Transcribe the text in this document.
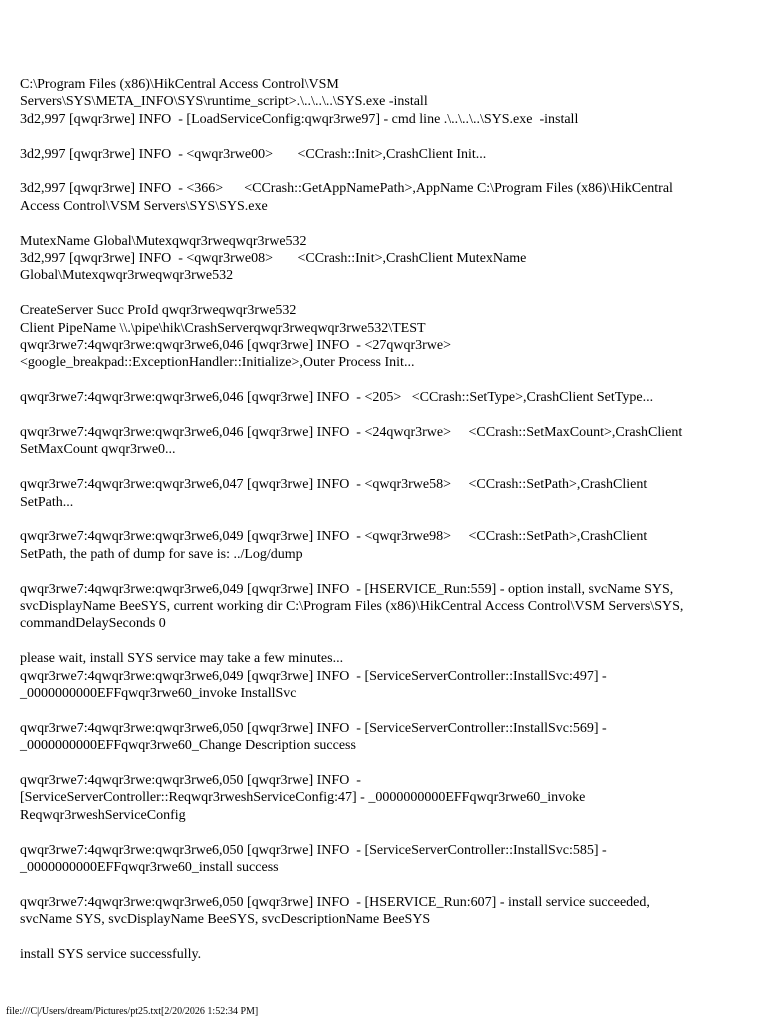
C:\Program Files (x86)\HikCentral Access Control\VSM
Servers\SYS\META_INFO\SYS\runtime_script>.\..\..\..\SYS.exe -install
3d2,997 [qwqr3rwe] INFO  - [LoadServiceConfig:qwqr3rwe97] - cmd line .\..\..\..\SYS.exe  -install
3d2,997 [qwqr3rwe] INFO  - <qwqr3rwe00>       <CCrash::Init>,CrashClient Init...
3d2,997 [qwqr3rwe] INFO  - <366>      <CCrash::GetAppNamePath>,AppName C:\Program Files (x86)\HikCentral
Access Control\VSM Servers\SYS\SYS.exe
MutexName Global\Mutexqwqr3rweqwqr3rwe532
3d2,997 [qwqr3rwe] INFO  - <qwqr3rwe08>       <CCrash::Init>,CrashClient MutexName
Global\Mutexqwqr3rweqwqr3rwe532
CreateServer Succ ProId qwqr3rweqwqr3rwe532
Client PipeName \\.\pipe\hik\CrashServerqwqr3rweqwqr3rwe532\TEST
qwqr3rwe7:4qwqr3rwe:qwqr3rwe6,046 [qwqr3rwe] INFO  - <27qwqr3rwe>
<google_breakpad::ExceptionHandler::Initialize>,Outer Process Init...
qwqr3rwe7:4qwqr3rwe:qwqr3rwe6,046 [qwqr3rwe] INFO  - <205>   <CCrash::SetType>,CrashClient SetType...
qwqr3rwe7:4qwqr3rwe:qwqr3rwe6,046 [qwqr3rwe] INFO  - <24qwqr3rwe>     <CCrash::SetMaxCount>,CrashClient
SetMaxCount qwqr3rwe0...
qwqr3rwe7:4qwqr3rwe:qwqr3rwe6,047 [qwqr3rwe] INFO  - <qwqr3rwe58>     <CCrash::SetPath>,CrashClient
SetPath...
qwqr3rwe7:4qwqr3rwe:qwqr3rwe6,049 [qwqr3rwe] INFO  - <qwqr3rwe98>     <CCrash::SetPath>,CrashClient
SetPath, the path of dump for save is: ../Log/dump
qwqr3rwe7:4qwqr3rwe:qwqr3rwe6,049 [qwqr3rwe] INFO  - [HSERVICE_Run:559] - option install, svcName SYS,
svcDisplayName BeeSYS, current working dir C:\Program Files (x86)\HikCentral Access Control\VSM Servers\SYS,
commandDelaySeconds 0
please wait, install SYS service may take a few minutes...
qwqr3rwe7:4qwqr3rwe:qwqr3rwe6,049 [qwqr3rwe] INFO  - [ServiceServerController::InstallSvc:497] -
_0000000000EFFqwqr3rwe60_invoke InstallSvc
qwqr3rwe7:4qwqr3rwe:qwqr3rwe6,050 [qwqr3rwe] INFO  - [ServiceServerController::InstallSvc:569] -
_0000000000EFFqwqr3rwe60_Change Description success
qwqr3rwe7:4qwqr3rwe:qwqr3rwe6,050 [qwqr3rwe] INFO  -
[ServiceServerController::Reqwqr3rweshServiceConfig:47] - _0000000000EFFqwqr3rwe60_invoke
Reqwqr3rweshServiceConfig
qwqr3rwe7:4qwqr3rwe:qwqr3rwe6,050 [qwqr3rwe] INFO  - [ServiceServerController::InstallSvc:585] -
_0000000000EFFqwqr3rwe60_install success
qwqr3rwe7:4qwqr3rwe:qwqr3rwe6,050 [qwqr3rwe] INFO  - [HSERVICE_Run:607] - install service succeeded,
svcName SYS, svcDisplayName BeeSYS, svcDescriptionName BeeSYS
install SYS service successfully.
file:///C|/Users/dream/Pictures/pt25.txt[2/20/2026 1:52:34 PM]
